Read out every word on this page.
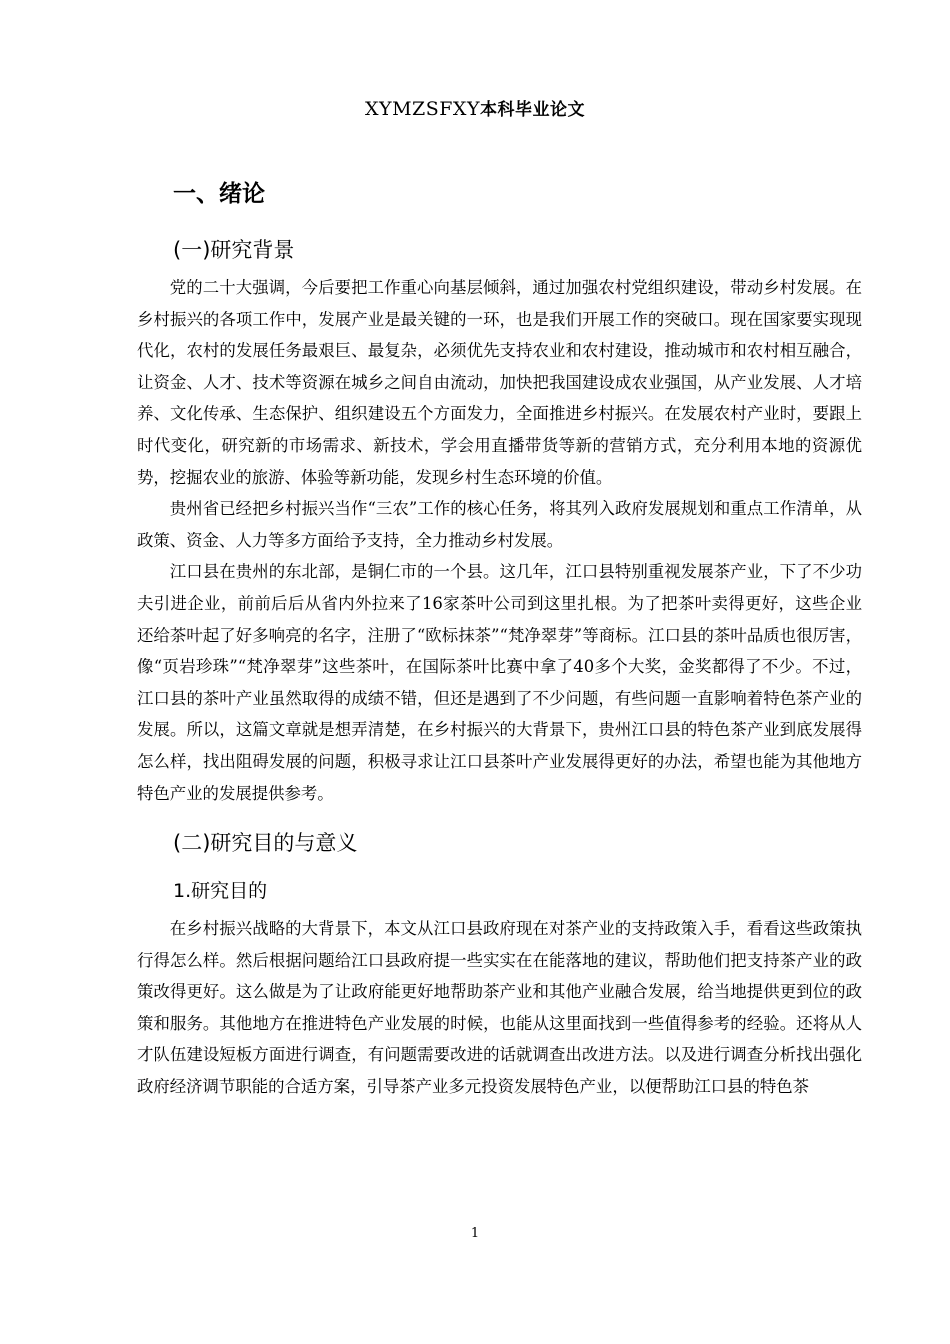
XYMZSFXY本科毕业论文
一、绪论
(一)研究背景

党的二十大强调，今后要把工作重心向基层倾斜，通过加强农村党组织建设，带动乡村发展。在乡村振兴的各项工作中，发展产业是最关键的一环，也是我们开展工作的突破口。现在国家要实现现代化，农村的发展任务最艰巨、最复杂，必须优先支持农业和农村建设，推动城市和农村相互融合，让资金、人才、技术等资源在城乡之间自由流动，加快把我国建设成农业强国，从产业发展、人才培养、文化传承、生态保护、组织建设五个方面发力，全面推进乡村振兴。在发展农村产业时，要跟上时代变化，研究新的市场需求、新技术，学会用直播带货等新的营销方式，充分利用本地的资源优势，挖掘农业的旅游、体验等新功能，发现乡村生态环境的价值。

贵州省已经把乡村振兴当作“三农”工作的核心任务，将其列入政府发展规划和重点工作清单，从政策、资金、人力等多方面给予支持，全力推动乡村发展。

江口县在贵州的东北部，是铜仁市的一个县。这几年，江口县特别重视发展茶产业，下了不少功夫引进企业，前前后后从省内外拉来了16家茶叶公司到这里扎根。为了把茶叶卖得更好，这些企业还给茶叶起了好多响亮的名字，注册了“欧标抹茶”“梵净翠芽”等商标。江口县的茶叶品质也很厉害，像“页岩珍珠”“梵净翠芽”这些茶叶，在国际茶叶比赛中拿了40多个大奖，金奖都得了不少。不过，江口县的茶叶产业虽然取得的成绩不错，但还是遇到了不少问题，有些问题一直影响着特色茶产业的发展。所以，这篇文章就是想弄清楚，在乡村振兴的大背景下，贵州江口县的特色茶产业到底发展得怎么样，找出阻碍发展的问题，积极寻求让江口县茶叶产业发展得更好的办法，希望也能为其他地方特色产业的发展提供参考。

(二)研究目的与意义
1.研究目的

在乡村振兴战略的大背景下，本文从江口县政府现在对茶产业的支持政策入手，看看这些政策执行得怎么样。然后根据问题给江口县政府提一些实实在在能落地的建议，帮助他们把支持茶产业的政策改得更好。这么做是为了让政府能更好地帮助茶产业和其他产业融合发展，给当地提供更到位的政策和服务。其他地方在推进特色产业发展的时候，也能从这里面找到一些值得参考的经验。还将从人才队伍建设短板方面进行调查，有问题需要改进的话就调查出改进方法。以及进行调查分析找出强化政府经济调节职能的合适方案，引导茶产业多元投资发展特色产业，以便帮助江口县的特色茶

1
